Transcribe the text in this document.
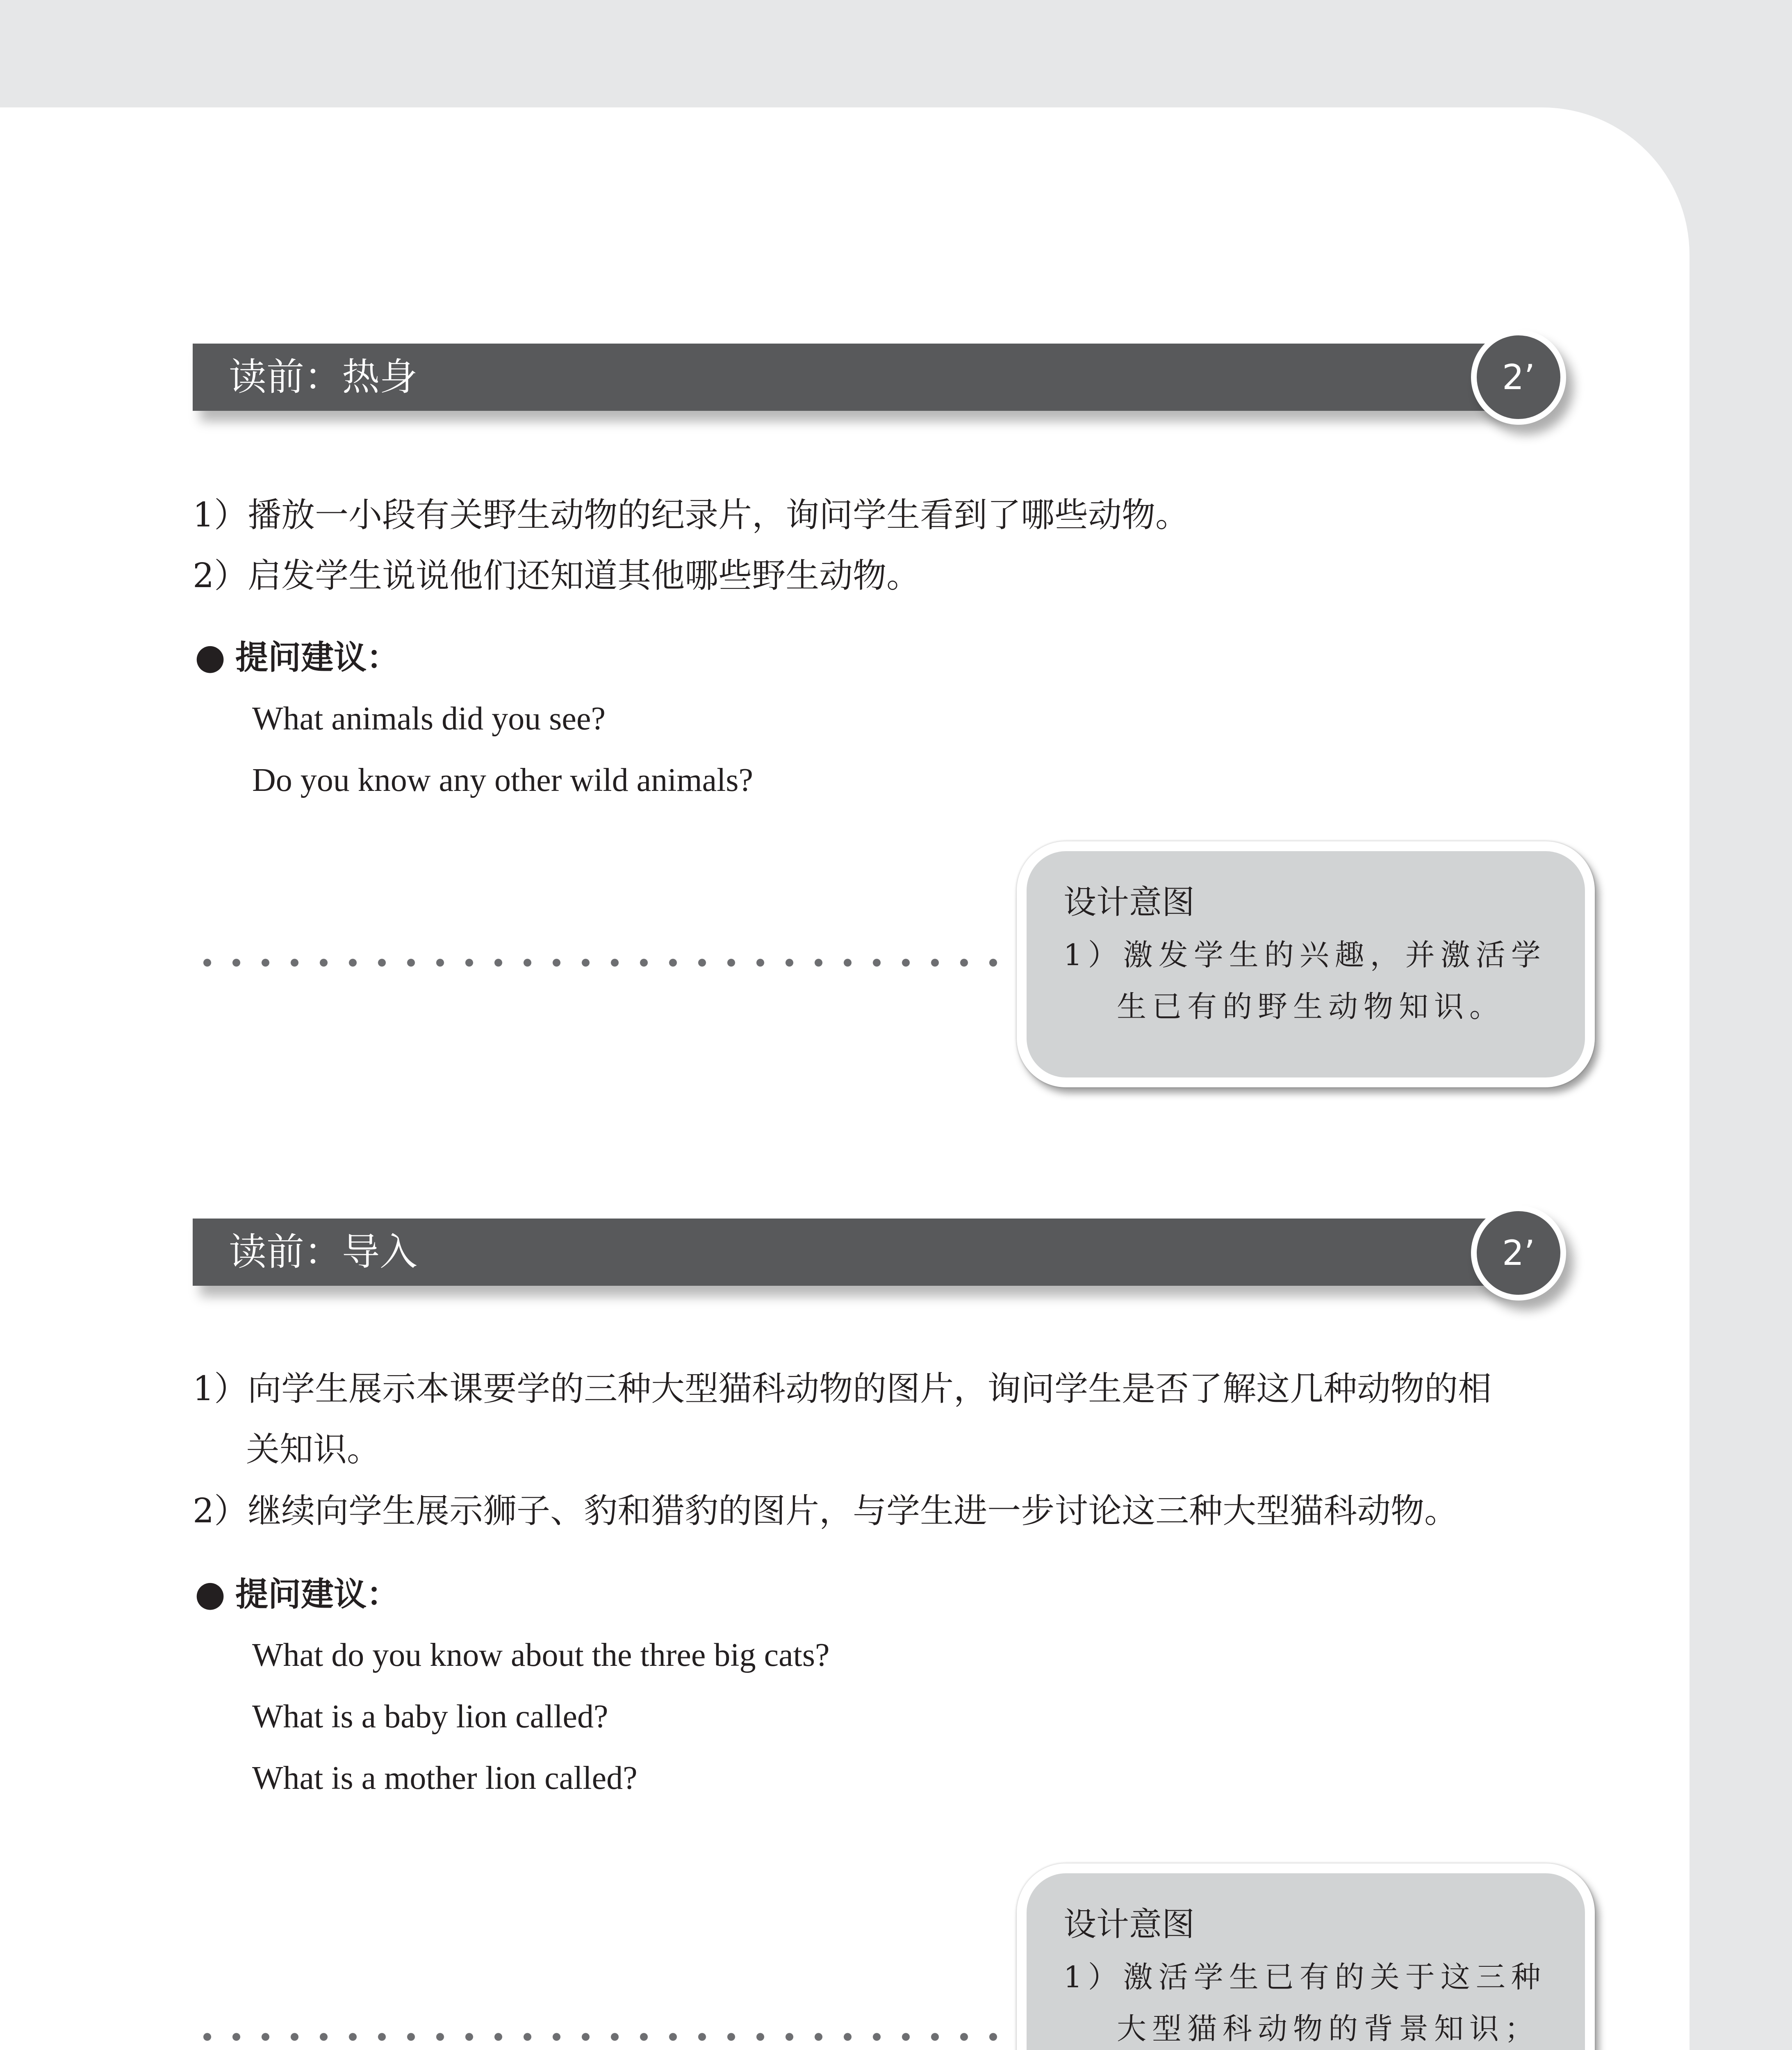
读前：热身	2’

1）播放一小段有关野生动物的纪录片，询问学生看到了哪些动物。

2）启发学生说说他们还知道其他哪些野生动物。

● 提问建议：
What animals did you see?
Do you know any other wild animals?

设计意图

1）激发学生的兴趣，并激活学

生已有的野生动物知识。

读前：导入	2’

1）向学生展示本课要学的三种大型猫科动物的图片，询问学生是否了解这几种动物的相
关知识。

2）继续向学生展示狮子、豹和猎豹的图片，与学生进一步讨论这三种大型猫科动物。

● 提问建议：
What do you know about the three big cats?
What is a baby lion called?
What is a mother lion called?

设计意图

1）激活学生已有的关于这三种

大型猫科动物的背景知识；
